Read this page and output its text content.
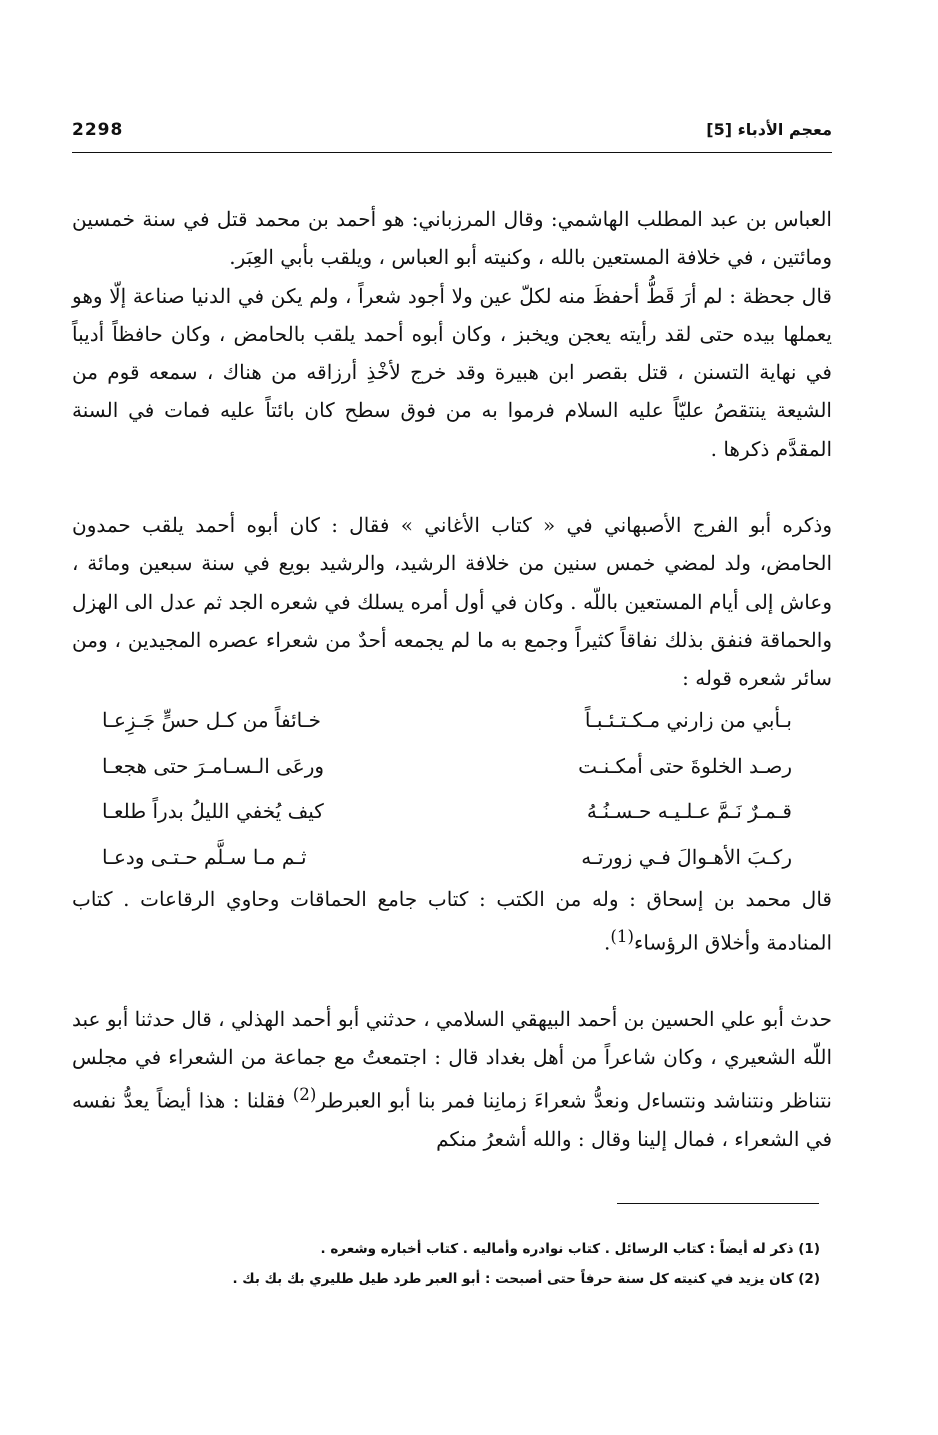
2298	معجم الأدباء [5]

العباس بن عبد المطلب الهاشمي: وقال المرزباني: هو أحمد بن محمد قتل في سنة خمسين ومائتين ، في خلافة المستعين بالله ، وكنيته أبو العباس ، ويلقب بأبي العِبَر.

قال جحظة : لم أرَ قَطُّ أحفظَ منه لكلّ عين ولا أجود شعراً ، ولم يكن في الدنيا صناعة إلّا وهو يعملها بيده حتى لقد رأيته يعجن ويخبز ، وكان أبوه أحمد يلقب بالحامض ، وكان حافظاً أديباً في نهاية التسنن ، قتل بقصر ابن هبيرة وقد خرج لأخْذِ أرزاقه من هناك ، سمعه قوم من الشيعة ينتقصُ عليّاً عليه السلام فرموا به من فوق سطح كان بائتاً عليه فمات في السنة المقدَّم ذكرها .

وذكره أبو الفرج الأصبهاني في « كتاب الأغاني » فقال : كان أبوه أحمد يلقب حمدون الحامض، ولد لمضي خمس سنين من خلافة الرشيد، والرشيد بويع في سنة سبعين ومائة ، وعاش إلى أيام المستعين باللّه . وكان في أول أمره يسلك في شعره الجد ثم عدل الى الهزل والحماقة فنفق بذلك نفاقاً كثيراً وجمع به ما لم يجمعه أحدٌ من شعراء عصره المجيدين ، ومن سائر شعره قوله :

بـأبي من زارني مـكـتـئـبـاً
خـائفاً من كـل حسٍّ جَـزِعـا
رصـد الخلوةَ حتى أمكـنـت
ورعَى الـسـامـرَ حتى هجعـا
قـمـرٌ نَـمَّ عـلـيـه حـسـنُـهُ
كيف يُخفي الليلُ بدراً طلعـا
ركـبَ الأهـوالَ فـي زورتـه
ثـم مـا سـلَّم حـتـى ودعـا

قال محمد بن إسحاق : وله من الكتب : كتاب جامع الحماقات وحاوي الرقاعات . كتاب المنادمة وأخلاق الرؤساء$^{(1)}$.

حدث أبو علي الحسين بن أحمد البيهقي السلامي ، حدثني أبو أحمد الهذلي ، قال حدثنا أبو عبد اللّه الشعيري ، وكان شاعراً من أهل بغداد قال : اجتمعتُ مع جماعة من الشعراء في مجلس نتناظر ونتناشد ونتساءل ونعدُّ شعراءَ زمانِنا فمر بنا أبو العبرطر$^{(2)}$ فقلنا : هذا أيضاً يعدُّ نفسه في الشعراء ، فمال إلينا وقال : والله أشعرُ منكم

(1) ذكر له أيضاً : كتاب الرسائل . كتاب نوادره وأماليه . كتاب أخباره وشعره .
(2) كان يزيد في كنيته كل سنة حرفاً حتى أصبحت : أبو العبر طرد طيل طليري بك بك بك .
